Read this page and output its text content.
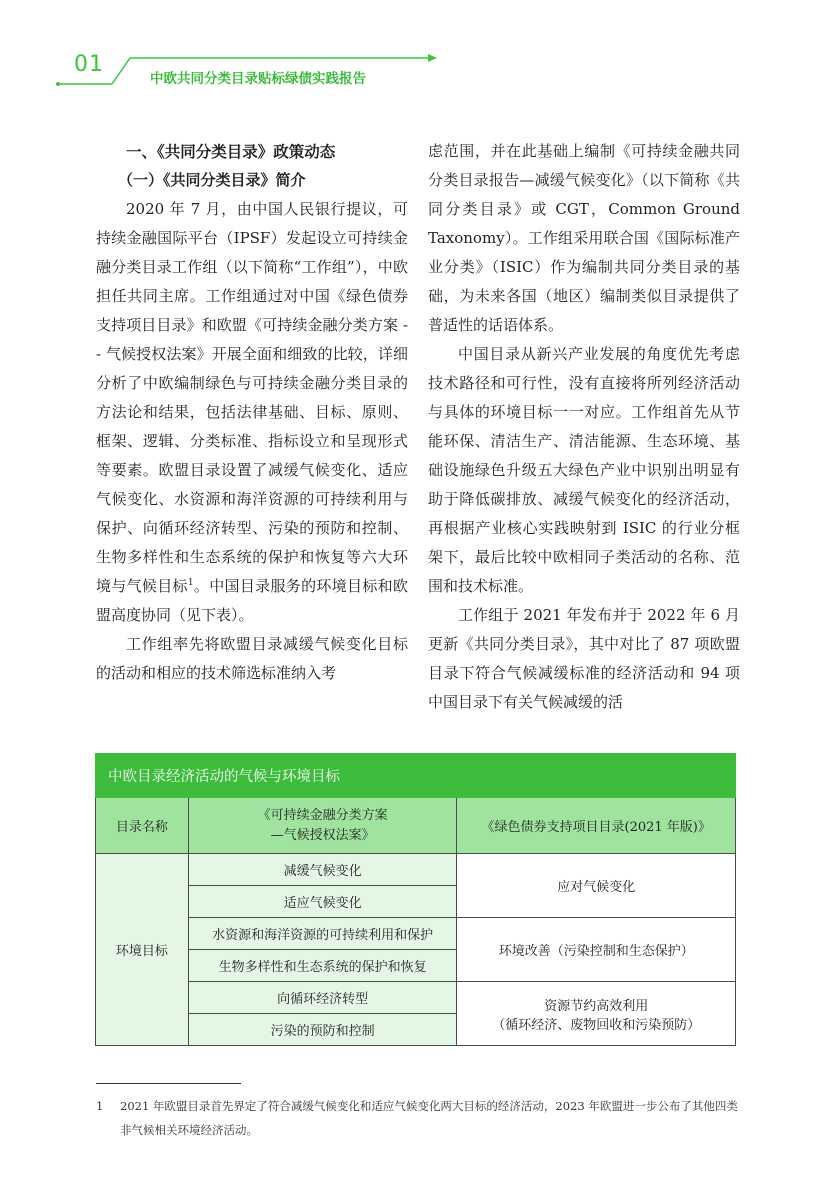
01
中欧共同分类目录贴标绿债实践报告

一、《共同分类目录》政策动态

（一）《共同分类目录》简介

2020 年 7 月，由中国人民银行提议，可持续金融国际平台（IPSF）发起设立可持续金融分类目录工作组（以下简称“工作组”），中欧担任共同主席。工作组通过对中国《绿色债券支持项目目录》和欧盟《可持续金融分类方案 -- 气候授权法案》开展全面和细致的比较，详细分析了中欧编制绿色与可持续金融分类目录的方法论和结果，包括法律基础、目标、原则、框架、逻辑、分类标准、指标设立和呈现形式等要素。欧盟目录设置了减缓气候变化、适应气候变化、水资源和海洋资源的可持续利用与保护、向循环经济转型、污染的预防和控制、生物多样性和生态系统的保护和恢复等六大环境与气候目标$^1$。中国目录服务的环境目标和欧盟高度协同（见下表）。

工作组率先将欧盟目录减缓气候变化目标的活动和相应的技术筛选标准纳入考

虑范围，并在此基础上编制《可持续金融共同分类目录报告—减缓气候变化》（以下简称《共同分类目录》或 CGT，Common Ground Taxonomy）。工作组采用联合国《国际标准产业分类》（ISIC）作为编制共同分类目录的基础，为未来各国（地区）编制类似目录提供了普适性的话语体系。

中国目录从新兴产业发展的角度优先考虑技术路径和可行性，没有直接将所列经济活动与具体的环境目标一一对应。工作组首先从节能环保、清洁生产、清洁能源、生态环境、基础设施绿色升级五大绿色产业中识别出明显有助于降低碳排放、减缓气候变化的经济活动，再根据产业核心实践映射到 ISIC 的行业分框架下，最后比较中欧相同子类活动的名称、范围和技术标准。

工作组于 2021 年发布并于 2022 年 6 月更新《共同分类目录》，其中对比了 87 项欧盟目录下符合气候减缓标准的经济活动和 94 项中国目录下有关气候减缓的活

中欧目录经济活动的气候与环境目标		
目录名称	《可持续金融分类方案
—气候授权法案》	《绿色债券支持项目目录(2021 年版)》
环境目标	减缓气候变化	应对气候变化
	适应气候变化	
	水资源和海洋资源的可持续利用和保护	环境改善（污染控制和生态保护）
	生物多样性和生态系统的保护和恢复	
	向循环经济转型	资源节约高效利用
（循环经济、废物回收和污染预防）

	污染的预防和控制	
1 2021 年欧盟目录首先界定了符合减缓气候变化和适应气候变化两大目标的经济活动，2023 年欧盟进一步公布了其他四类非气候相关环境经济活动。
